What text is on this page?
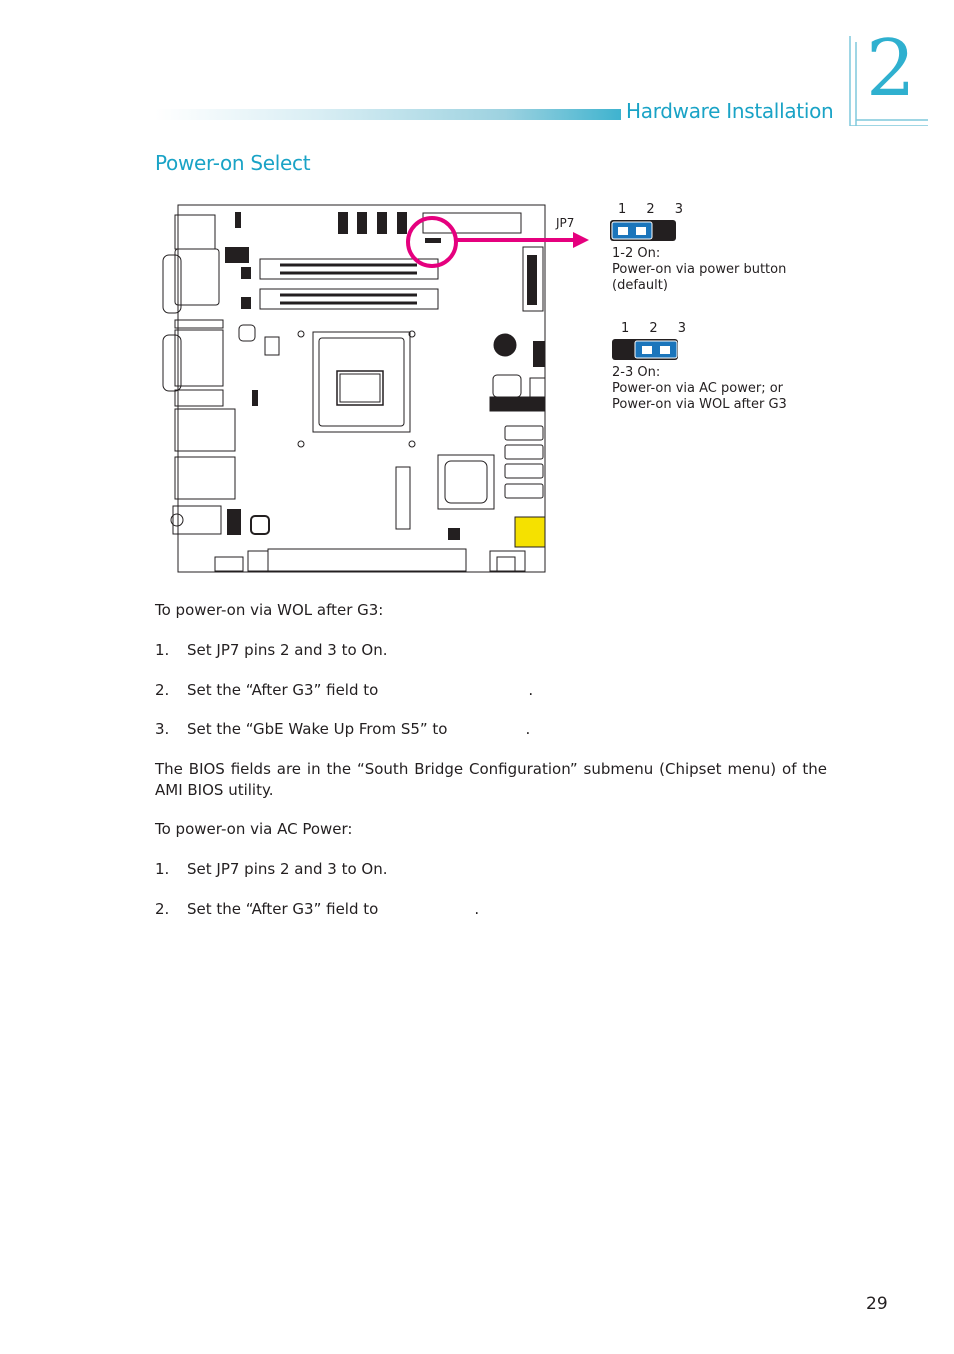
Hardware Installation 2
Power-on Select
JP7
1 2 3
1-2 On:
Power-on via power button
(default)
1 2 3
2-3 On:
Power-on via AC power; or
Power-on via WOL after G3
To power-on via WOL after G3:
1. Set JP7 pins 2 and 3 to On.
2. Set the “After G3” field to	.
3. Set the “GbE Wake Up From S5” to	.
The BIOS fields are in the “South Bridge Configuration” submenu (Chipset menu) of the AMI BIOS utility.
To power-on via AC Power:
1. Set JP7 pins 2 and 3 to On.
2. Set the “After G3” field to	.
29
